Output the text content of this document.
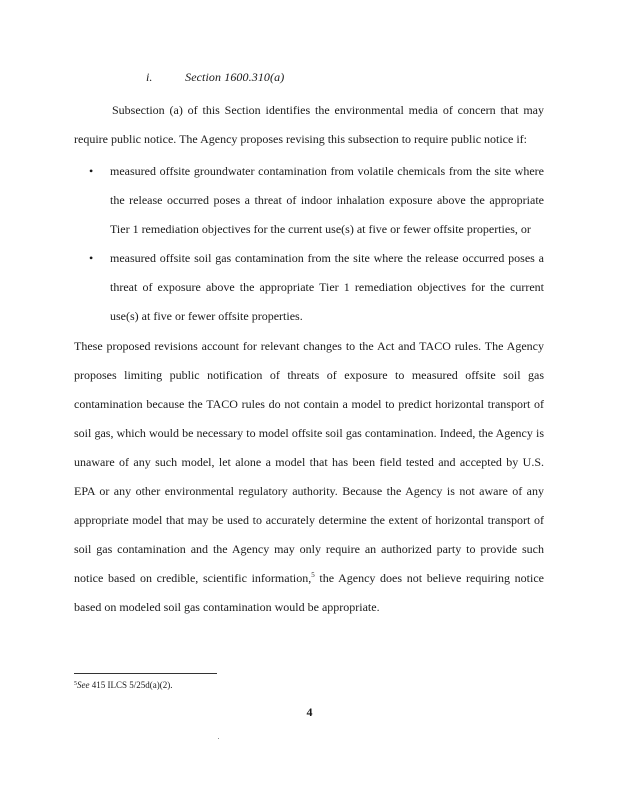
i.	Section 1600.310(a)
Subsection (a) of this Section identifies the environmental media of concern that may require public notice. The Agency proposes revising this subsection to require public notice if:
• measured offsite groundwater contamination from volatile chemicals from the site where the release occurred poses a threat of indoor inhalation exposure above the appropriate Tier 1 remediation objectives for the current use(s) at five or fewer offsite properties, or
• measured offsite soil gas contamination from the site where the release occurred poses a threat of exposure above the appropriate Tier 1 remediation objectives for the current use(s) at five or fewer offsite properties.
These proposed revisions account for relevant changes to the Act and TACO rules. The Agency proposes limiting public notification of threats of exposure to measured offsite soil gas contamination because the TACO rules do not contain a model to predict horizontal transport of soil gas, which would be necessary to model offsite soil gas contamination. Indeed, the Agency is unaware of any such model, let alone a model that has been field tested and accepted by U.S. EPA or any other environmental regulatory authority. Because the Agency is not aware of any appropriate model that may be used to accurately determine the extent of horizontal transport of soil gas contamination and the Agency may only require an authorized party to provide such notice based on credible, scientific information,$^5$ the Agency does not believe requiring notice based on modeled soil gas contamination would be appropriate.
$^5$See 415 ILCS 5/25d(a)(2).
4
